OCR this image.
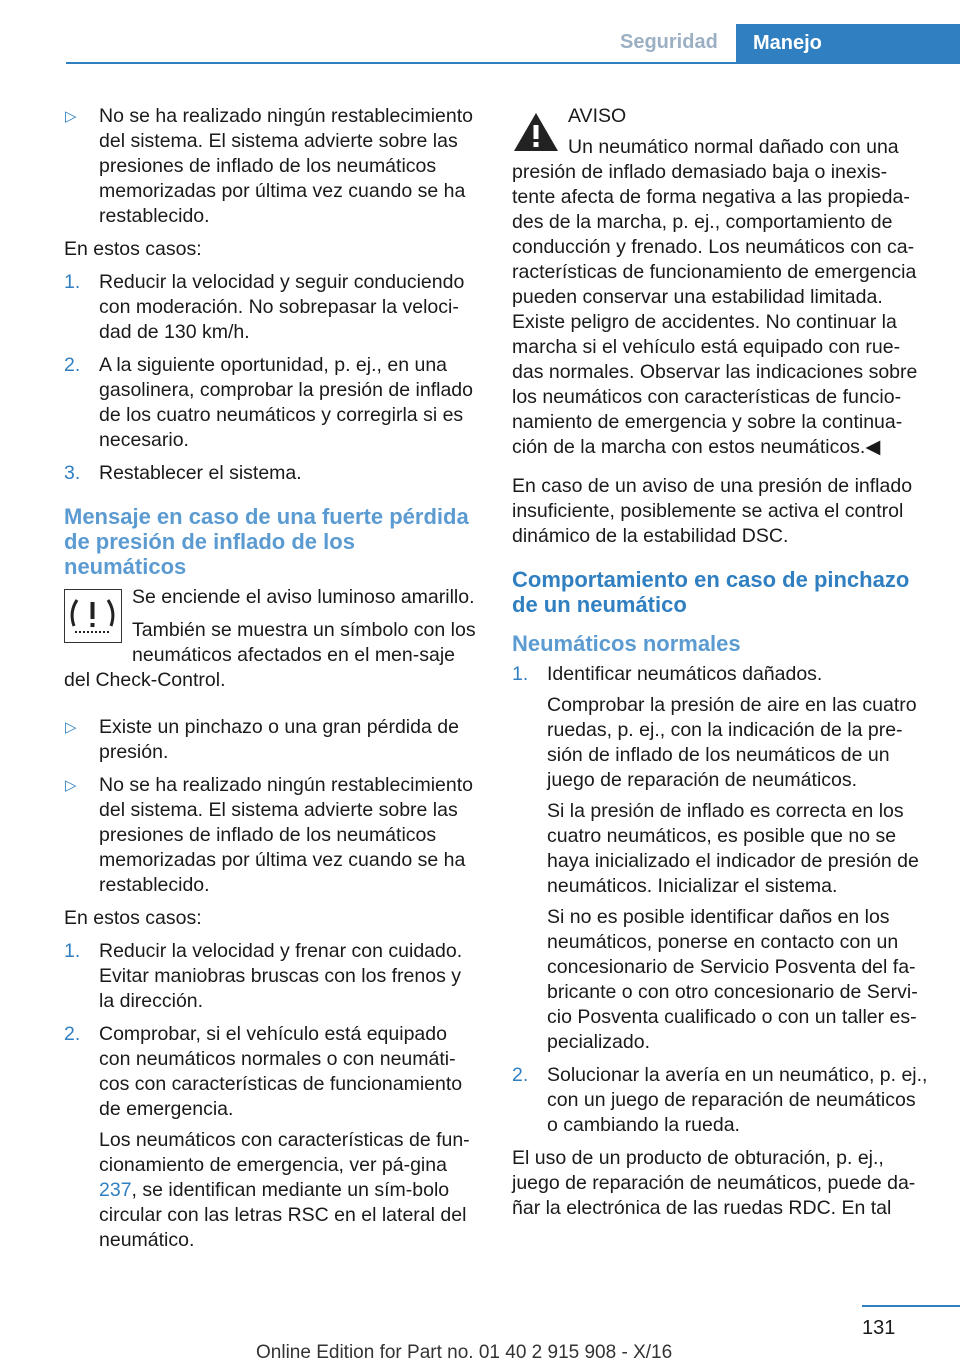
Seguridad	Manejo
▷ No se ha realizado ningún restablecimiento del sistema. El sistema advierte sobre las presiones de inflado de los neumáticos memorizadas por última vez cuando se ha restablecido.

En estos casos:

1. Reducir la velocidad y seguir conduciendo con moderación. No sobrepasar la veloci-dad de 130 km/h.
2. A la siguiente oportunidad, p. ej., en una gasolinera, comprobar la presión de inflado de los cuatro neumáticos y corregirla si es necesario.
3. Restablecer el sistema.
Mensaje en caso de una fuerte pérdida de presión de inflado de los neumáticos

Se enciende el aviso luminoso amarillo.

También se muestra un símbolo con los neumáticos afectados en el men-saje del Check-Control.

▷ Existe un pinchazo o una gran pérdida de presión.
▷ No se ha realizado ningún restablecimiento del sistema. El sistema advierte sobre las presiones de inflado de los neumáticos memorizadas por última vez cuando se ha restablecido.

En estos casos:

1. Reducir la velocidad y frenar con cuidado. Evitar maniobras bruscas con los frenos y la dirección.
2. Comprobar, si el vehículo está equipado con neumáticos normales o con neumáti-cos con características de funcionamiento de emergencia.

Los neumáticos con características de fun-cionamiento de emergencia, ver pá-gina 237, se identifican mediante un sím-bolo circular con las letras RSC en el lateral del neumático.

AVISO
Un neumático normal dañado con una presión de inflado demasiado baja o inexis-tente afecta de forma negativa a las propieda-des de la marcha, p. ej., comportamiento de conducción y frenado. Los neumáticos con ca-racterísticas de funcionamiento de emergencia pueden conservar una estabilidad limitada. Existe peligro de accidentes. No continuar la marcha si el vehículo está equipado con rue-das normales. Observar las indicaciones sobre los neumáticos con características de funcio-namiento de emergencia y sobre la continua-ción de la marcha con estos neumáticos.◀

En caso de un aviso de una presión de inflado insuficiente, posiblemente se activa el control dinámico de la estabilidad DSC.

Comportamiento en caso de pinchazo de un neumático
Neumáticos normales
1. Identificar neumáticos dañados.

Comprobar la presión de aire en las cuatro ruedas, p. ej., con la indicación de la pre-sión de inflado de los neumáticos de un juego de reparación de neumáticos.

Si la presión de inflado es correcta en los cuatro neumáticos, es posible que no se haya inicializado el indicador de presión de neumáticos. Inicializar el sistema.

Si no es posible identificar daños en los neumáticos, ponerse en contacto con un concesionario de Servicio Posventa del fa-bricante o con otro concesionario de Servi-cio Posventa cualificado o con un taller es-pecializado.

2. Solucionar la avería en un neumático, p. ej., con un juego de reparación de neumáticos o cambiando la rueda.

El uso de un producto de obturación, p. ej., juego de reparación de neumáticos, puede da-ñar la electrónica de las ruedas RDC. En tal

131
Online Edition for Part no. 01 40 2 915 908 - X/16
